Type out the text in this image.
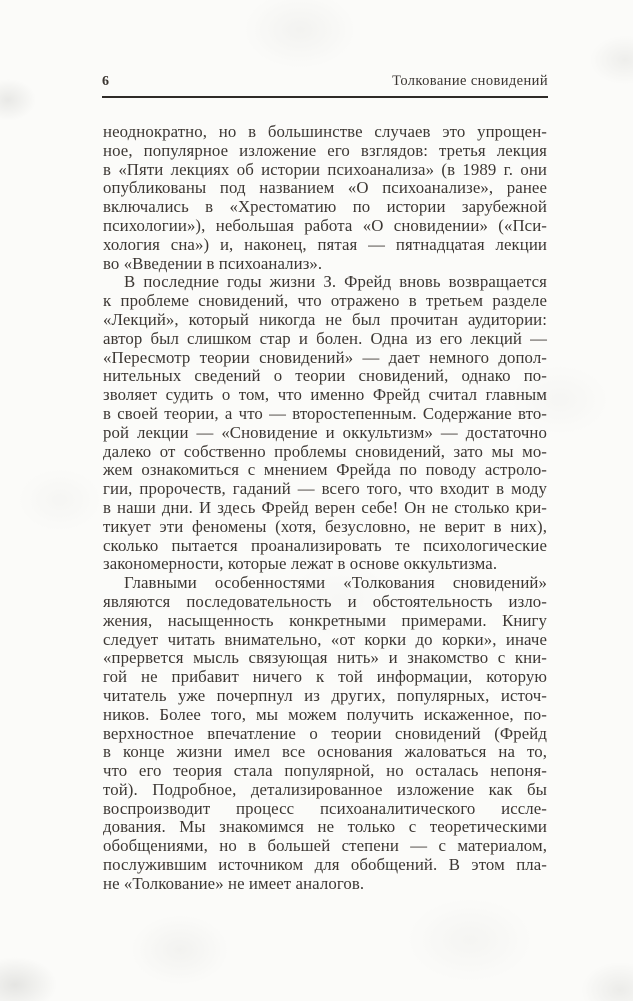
6	Толкование сновидений
неоднократно, но в большинстве случаев это упрощен-
ное, популярное изложение его взглядов: третья лекция
в «Пяти лекциях об истории психоанализа» (в 1989 г. они
опубликованы под названием «О психоанализе», ранее
включались в «Хрестоматию по истории зарубежной
психологии»), небольшая работа «О сновидении» («Пси-
хология сна») и, наконец, пятая — пятнадцатая лекции
во «Введении в психоанализ».
В последние годы жизни З. Фрейд вновь возвращается
к проблеме сновидений, что отражено в третьем разделе
«Лекций», который никогда не был прочитан аудитории:
автор был слишком стар и болен. Одна из его лекций —
«Пересмотр теории сновидений» — дает немного допол-
нительных сведений о теории сновидений, однако по-
зволяет судить о том, что именно Фрейд считал главным
в своей теории, а что — второстепенным. Содержание вто-
рой лекции — «Сновидение и оккультизм» — достаточно
далеко от собственно проблемы сновидений, зато мы мо-
жем ознакомиться с мнением Фрейда по поводу астроло-
гии, пророчеств, гаданий — всего того, что входит в моду
в наши дни. И здесь Фрейд верен себе! Он не столько кри-
тикует эти феномены (хотя, безусловно, не верит в них),
сколько пытается проанализировать те психологические
закономерности, которые лежат в основе оккультизма.
Главными особенностями «Толкования сновидений»
являются последовательность и обстоятельность изло-
жения, насыщенность конкретными примерами. Книгу
следует читать внимательно, «от корки до корки», иначе
«прервется мысль связующая нить» и знакомство с кни-
гой не прибавит ничего к той информации, которую
читатель уже почерпнул из других, популярных, источ-
ников. Более того, мы можем получить искаженное, по-
верхностное впечатление о теории сновидений (Фрейд
в конце жизни имел все основания жаловаться на то,
что его теория стала популярной, но осталась непоня-
той). Подробное, детализированное изложение как бы
воспроизводит процесс психоаналитического иссле-
дования. Мы знакомимся не только с теоретическими
обобщениями, но в большей степени — с материалом,
послужившим источником для обобщений. В этом пла-
не «Толкование» не имеет аналогов.
